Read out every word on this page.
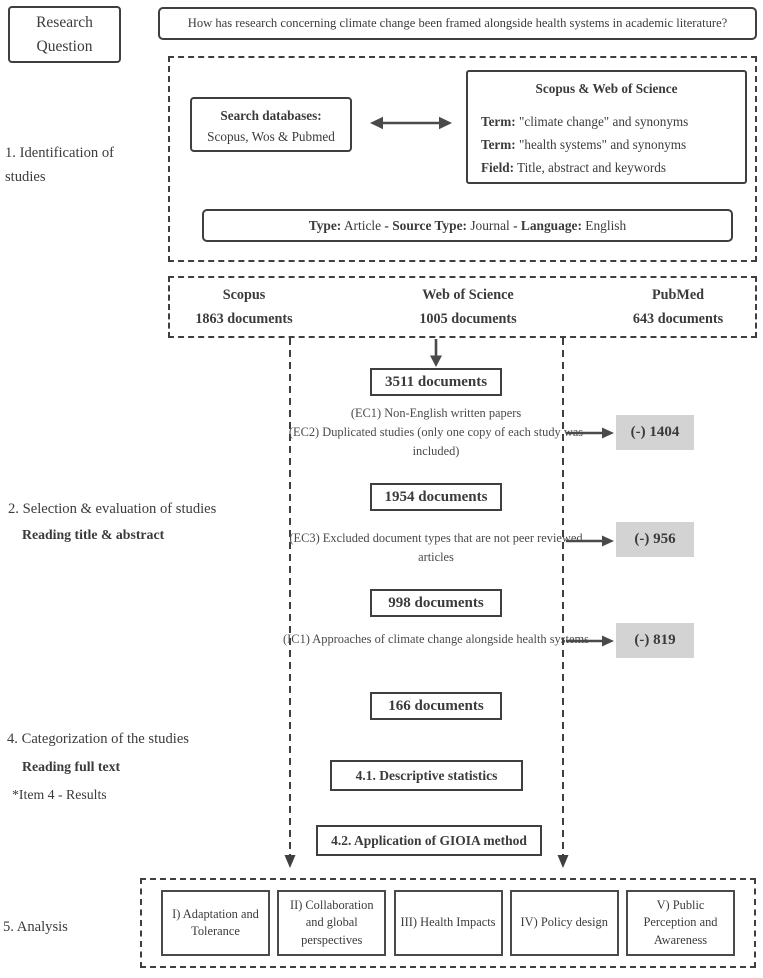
Research Question
How has research concerning climate change been framed alongside health systems in academic literature?
1. Identification of studies
2. Selection & evaluation of studies
Reading title & abstract
4. Categorization of the studies
Reading full text
*Item 4 - Results
5. Analysis
Search databases:
Scopus, Wos & Pubmed
Scopus & Web of Science
Term: "climate change" and synonyms
Term: "health systems" and synonyms
Field: Title, abstract and keywords
Type: Article - Source Type: Journal - Language: English
Scopus
1863 documents
Web of Science
1005 documents
PubMed
643 documents
3511 documents
(EC1) Non-English written papers
(EC2) Duplicated studies (only one copy of each study was included)
(-) 1404
1954 documents
(EC3) Excluded document types that are not peer reviewed articles
(-) 956
998 documents
(IC1) Approaches of climate change alongside health systems	(-) 819
166 documents
4.1. Descriptive statistics
4.2. Application of GIOIA method
I) Adaptation and Tolerance
II) Collaboration and global perspectives
III) Health Impacts IV) Policy design
V) Public Perception and Awareness
